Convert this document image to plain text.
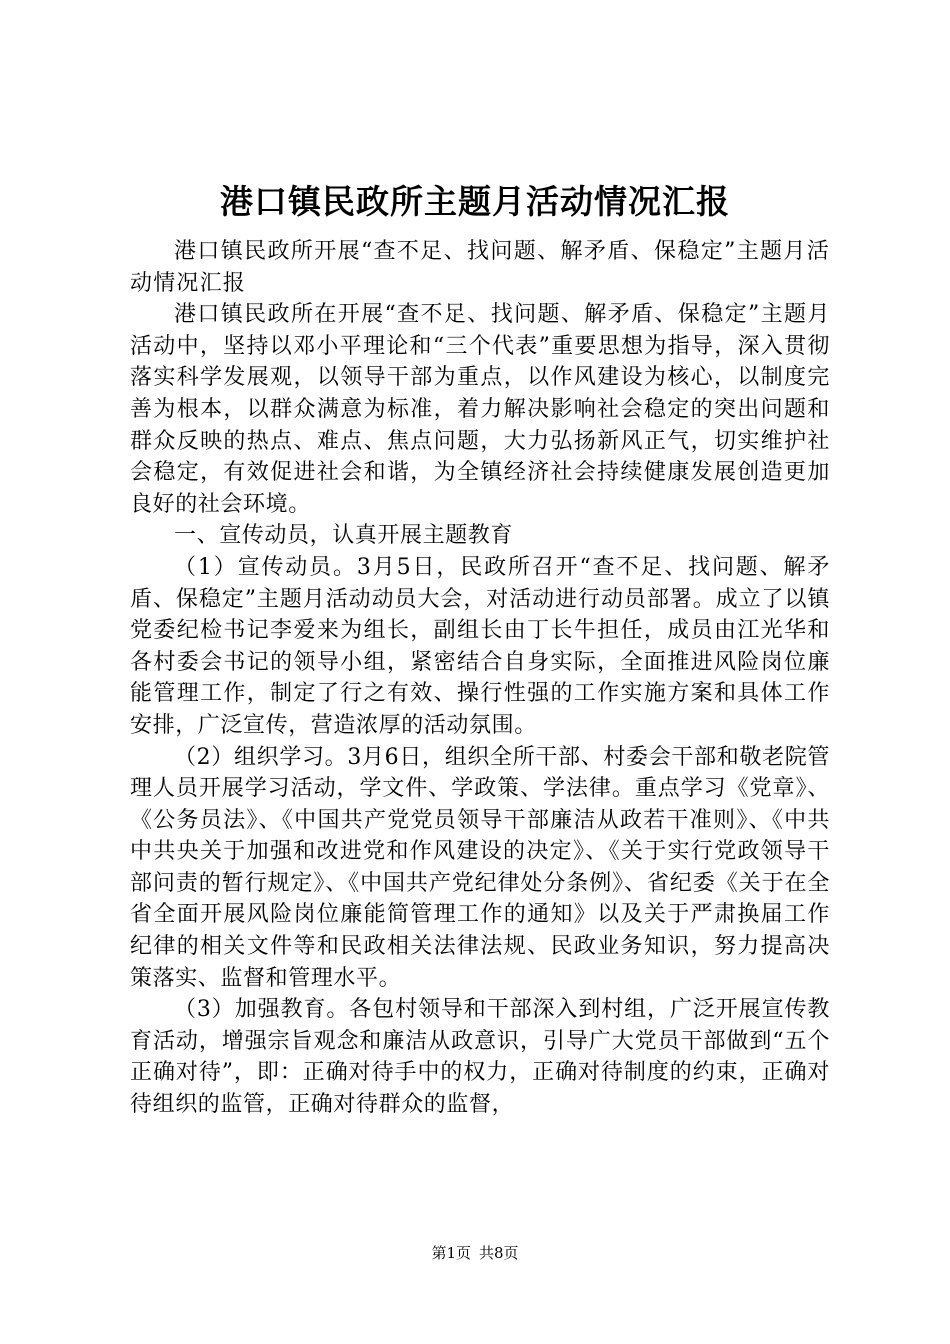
港口镇民政所主题月活动情况汇报

港口镇民政所开展“查不足、找问题、解矛盾、保稳定”主题月活动情况汇报

港口镇民政所在开展“查不足、找问题、解矛盾、保稳定”主题月活动中，坚持以邓小平理论和“三个代表”重要思想为指导，深入贯彻落实科学发展观，以领导干部为重点，以作风建设为核心，以制度完善为根本，以群众满意为标准，着力解决影响社会稳定的突出问题和群众反映的热点、难点、焦点问题，大力弘扬新风正气，切实维护社会稳定，有效促进社会和谐，为全镇经济社会持续健康发展创造更加良好的社会环境。

一、宣传动员，认真开展主题教育

（1）宣传动员。3月5日，民政所召开“查不足、找问题、解矛盾、保稳定”主题月活动动员大会，对活动进行动员部署。成立了以镇党委纪检书记李爱来为组长，副组长由丁长牛担任，成员由江光华和各村委会书记的领导小组，紧密结合自身实际，全面推进风险岗位廉能管理工作，制定了行之有效、操行性强的工作实施方案和具体工作安排，广泛宣传，营造浓厚的活动氛围。

（2）组织学习。3月6日，组织全所干部、村委会干部和敬老院管理人员开展学习活动，学文件、学政策、学法律。重点学习《党章》、《公务员法》、《中国共产党党员领导干部廉洁从政若干准则》、《中共中共央关于加强和改进党和作风建设的决定》、《关于实行党政领导干部问责的暂行规定》、《中国共产党纪律处分条例》、省纪委《关于在全省全面开展风险岗位廉能简管理工作的通知》以及关于严肃换届工作纪律的相关文件等和民政相关法律法规、民政业务知识，努力提高决策落实、监督和管理水平。

（3）加强教育。各包村领导和干部深入到村组，广泛开展宣传教育活动，增强宗旨观念和廉洁从政意识，引导广大党员干部做到“五个正确对待”，即：正确对待手中的权力，正确对待制度的约束，正确对待组织的监管，正确对待群众的监督，

第1页 共8页
